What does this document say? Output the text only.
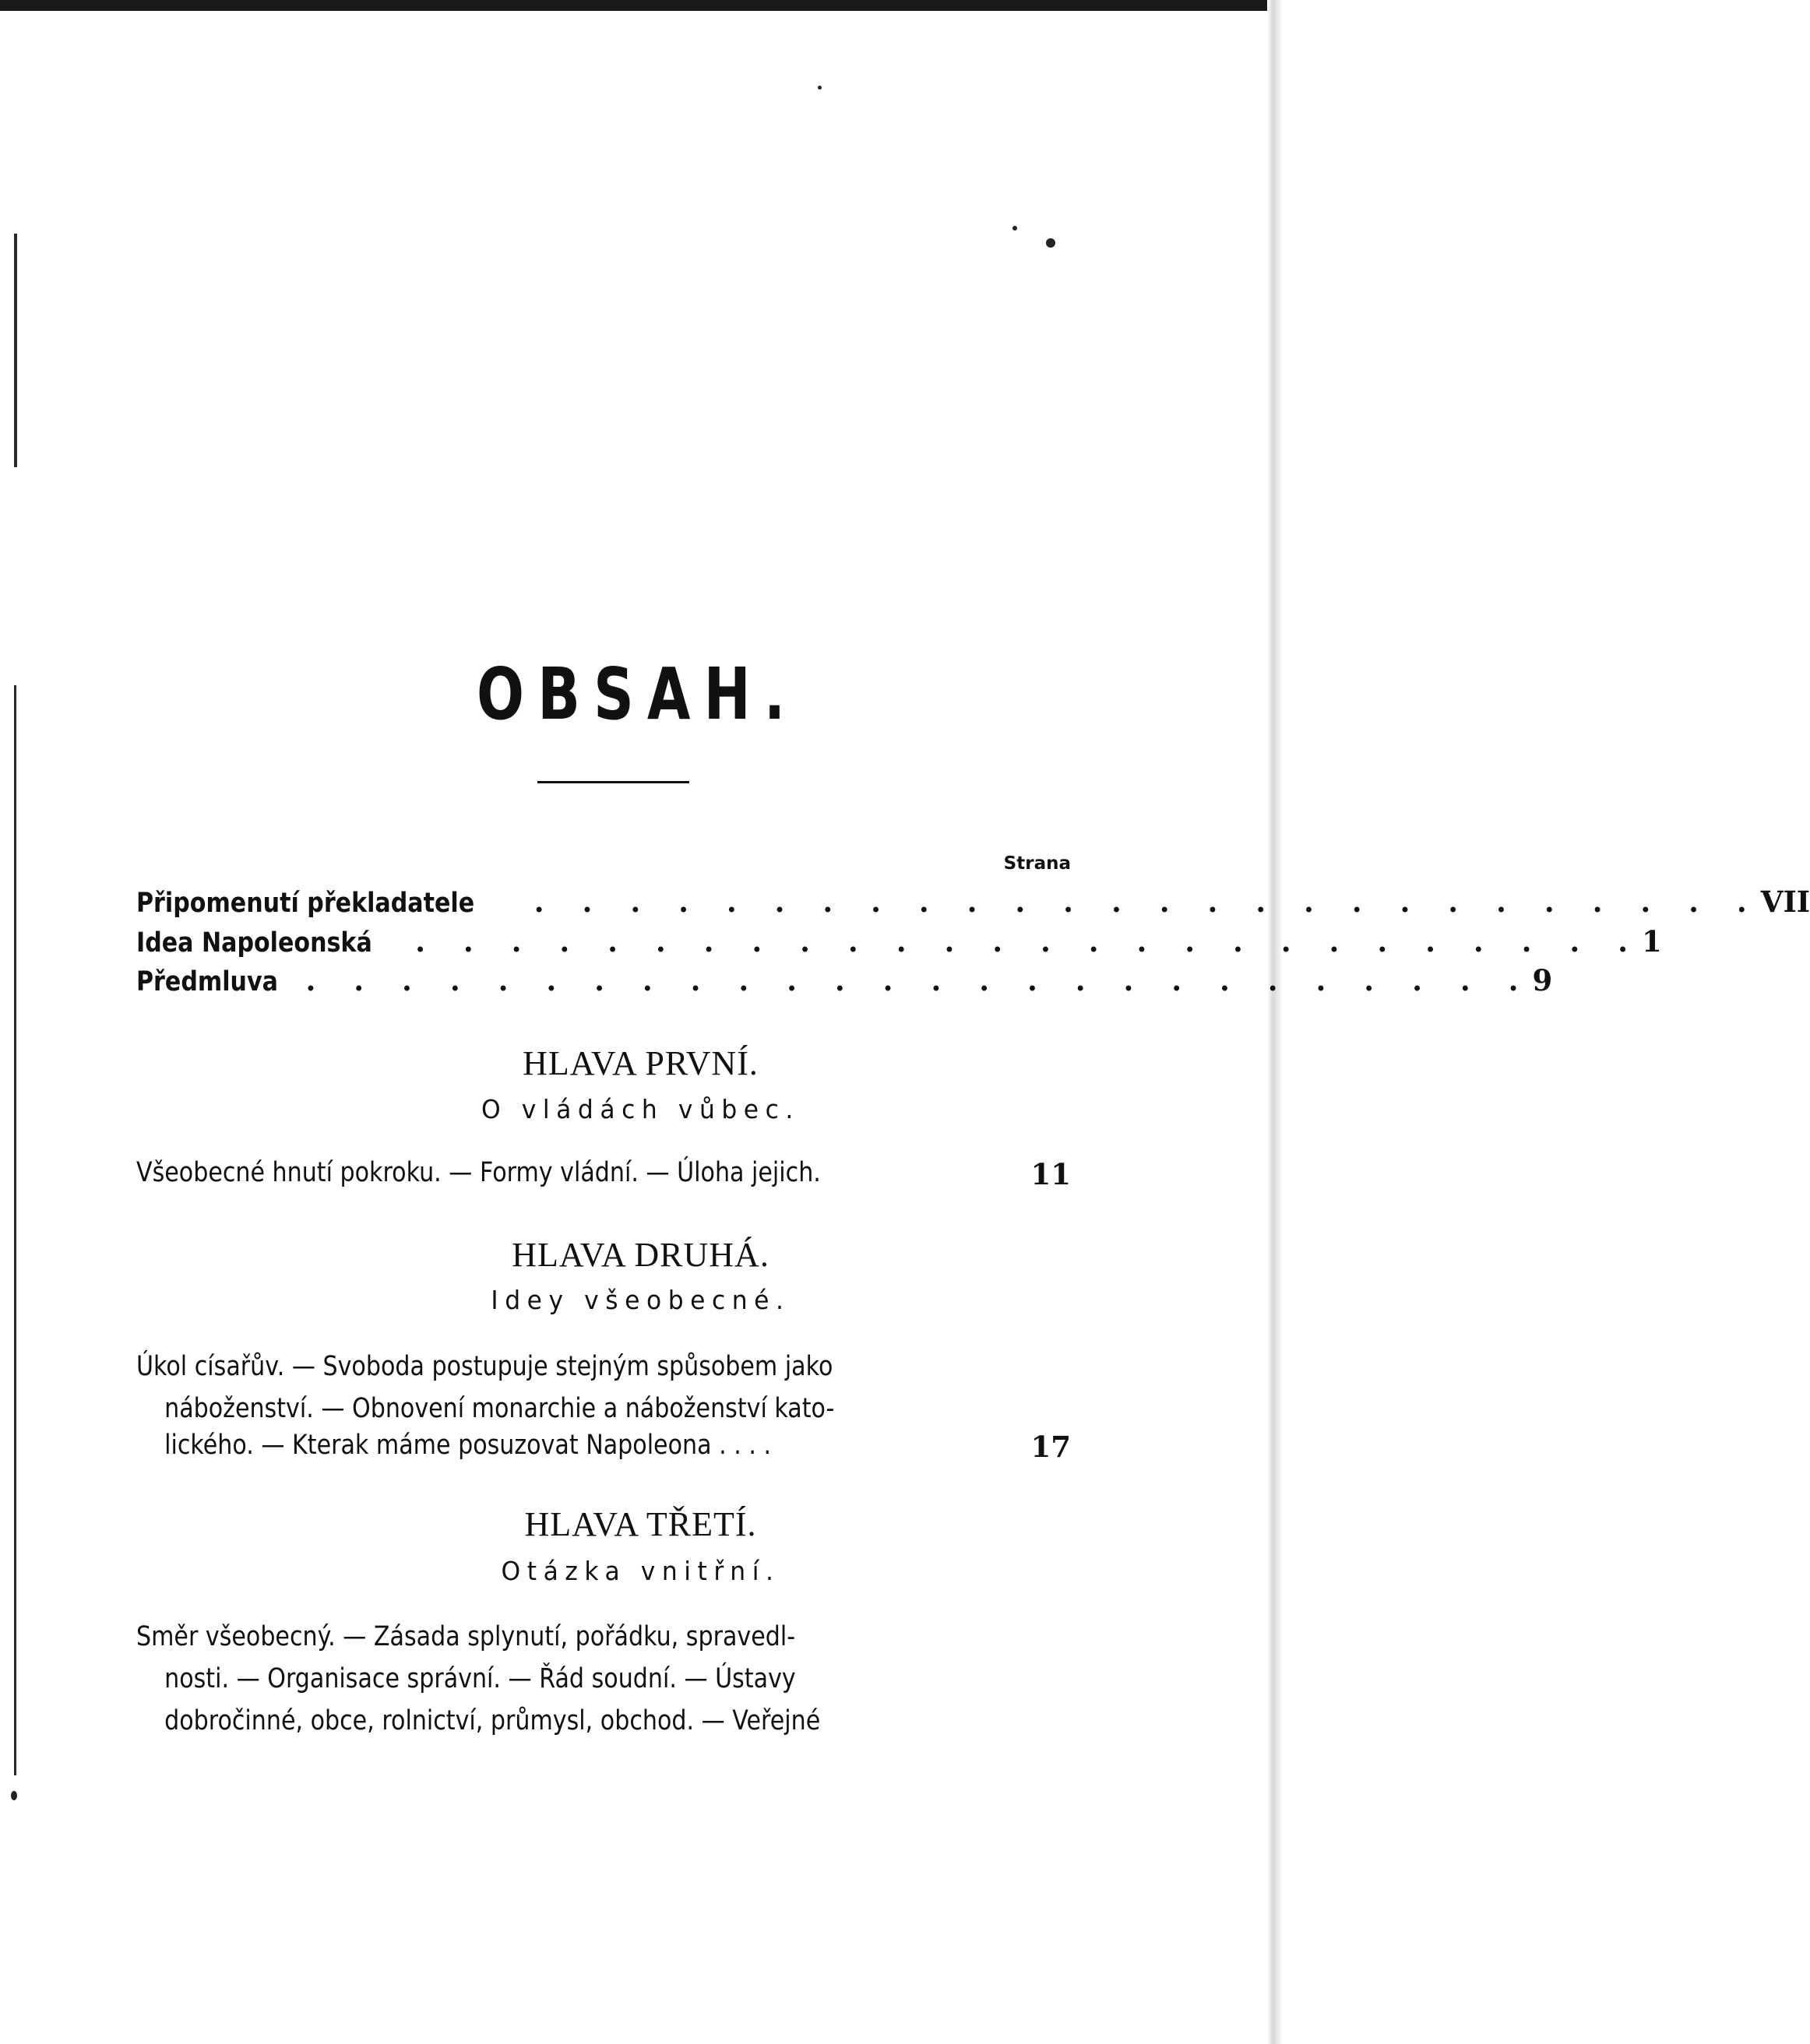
OBSAH.
Strana
Připomenutí překladatele . . . . . . . . . . . . . . . . . . . . . . . . . . VII
Idea Napoleonská . . . . . . . . . . . . . . . . . . . . . . . . . . 1
Předmluva . . . . . . . . . . . . . . . . . . . . . . . . . . 9
HLAVA PRVNÍ.
O vládách vůbec.
Všeobecné hnutí pokroku. — Formy vládní. — Úloha jejich.	11
HLAVA DRUHÁ.
Idey všeobecné.
Úkol císařův. — Svoboda postupuje stejným spůsobem jako
náboženství. — Obnovení monarchie a náboženství kato-
lického. — Kterak máme posuzovat Napoleona . . . .	17
HLAVA TŘETÍ.
Otázka vnitřní.
Směr všeobecný. — Zásada splynutí, pořádku, spravedl-
nosti. — Organisace správní. — Řád soudní. — Ústavy
dobročinné, obce, rolnictví, průmysl, obchod. — Veřejné
